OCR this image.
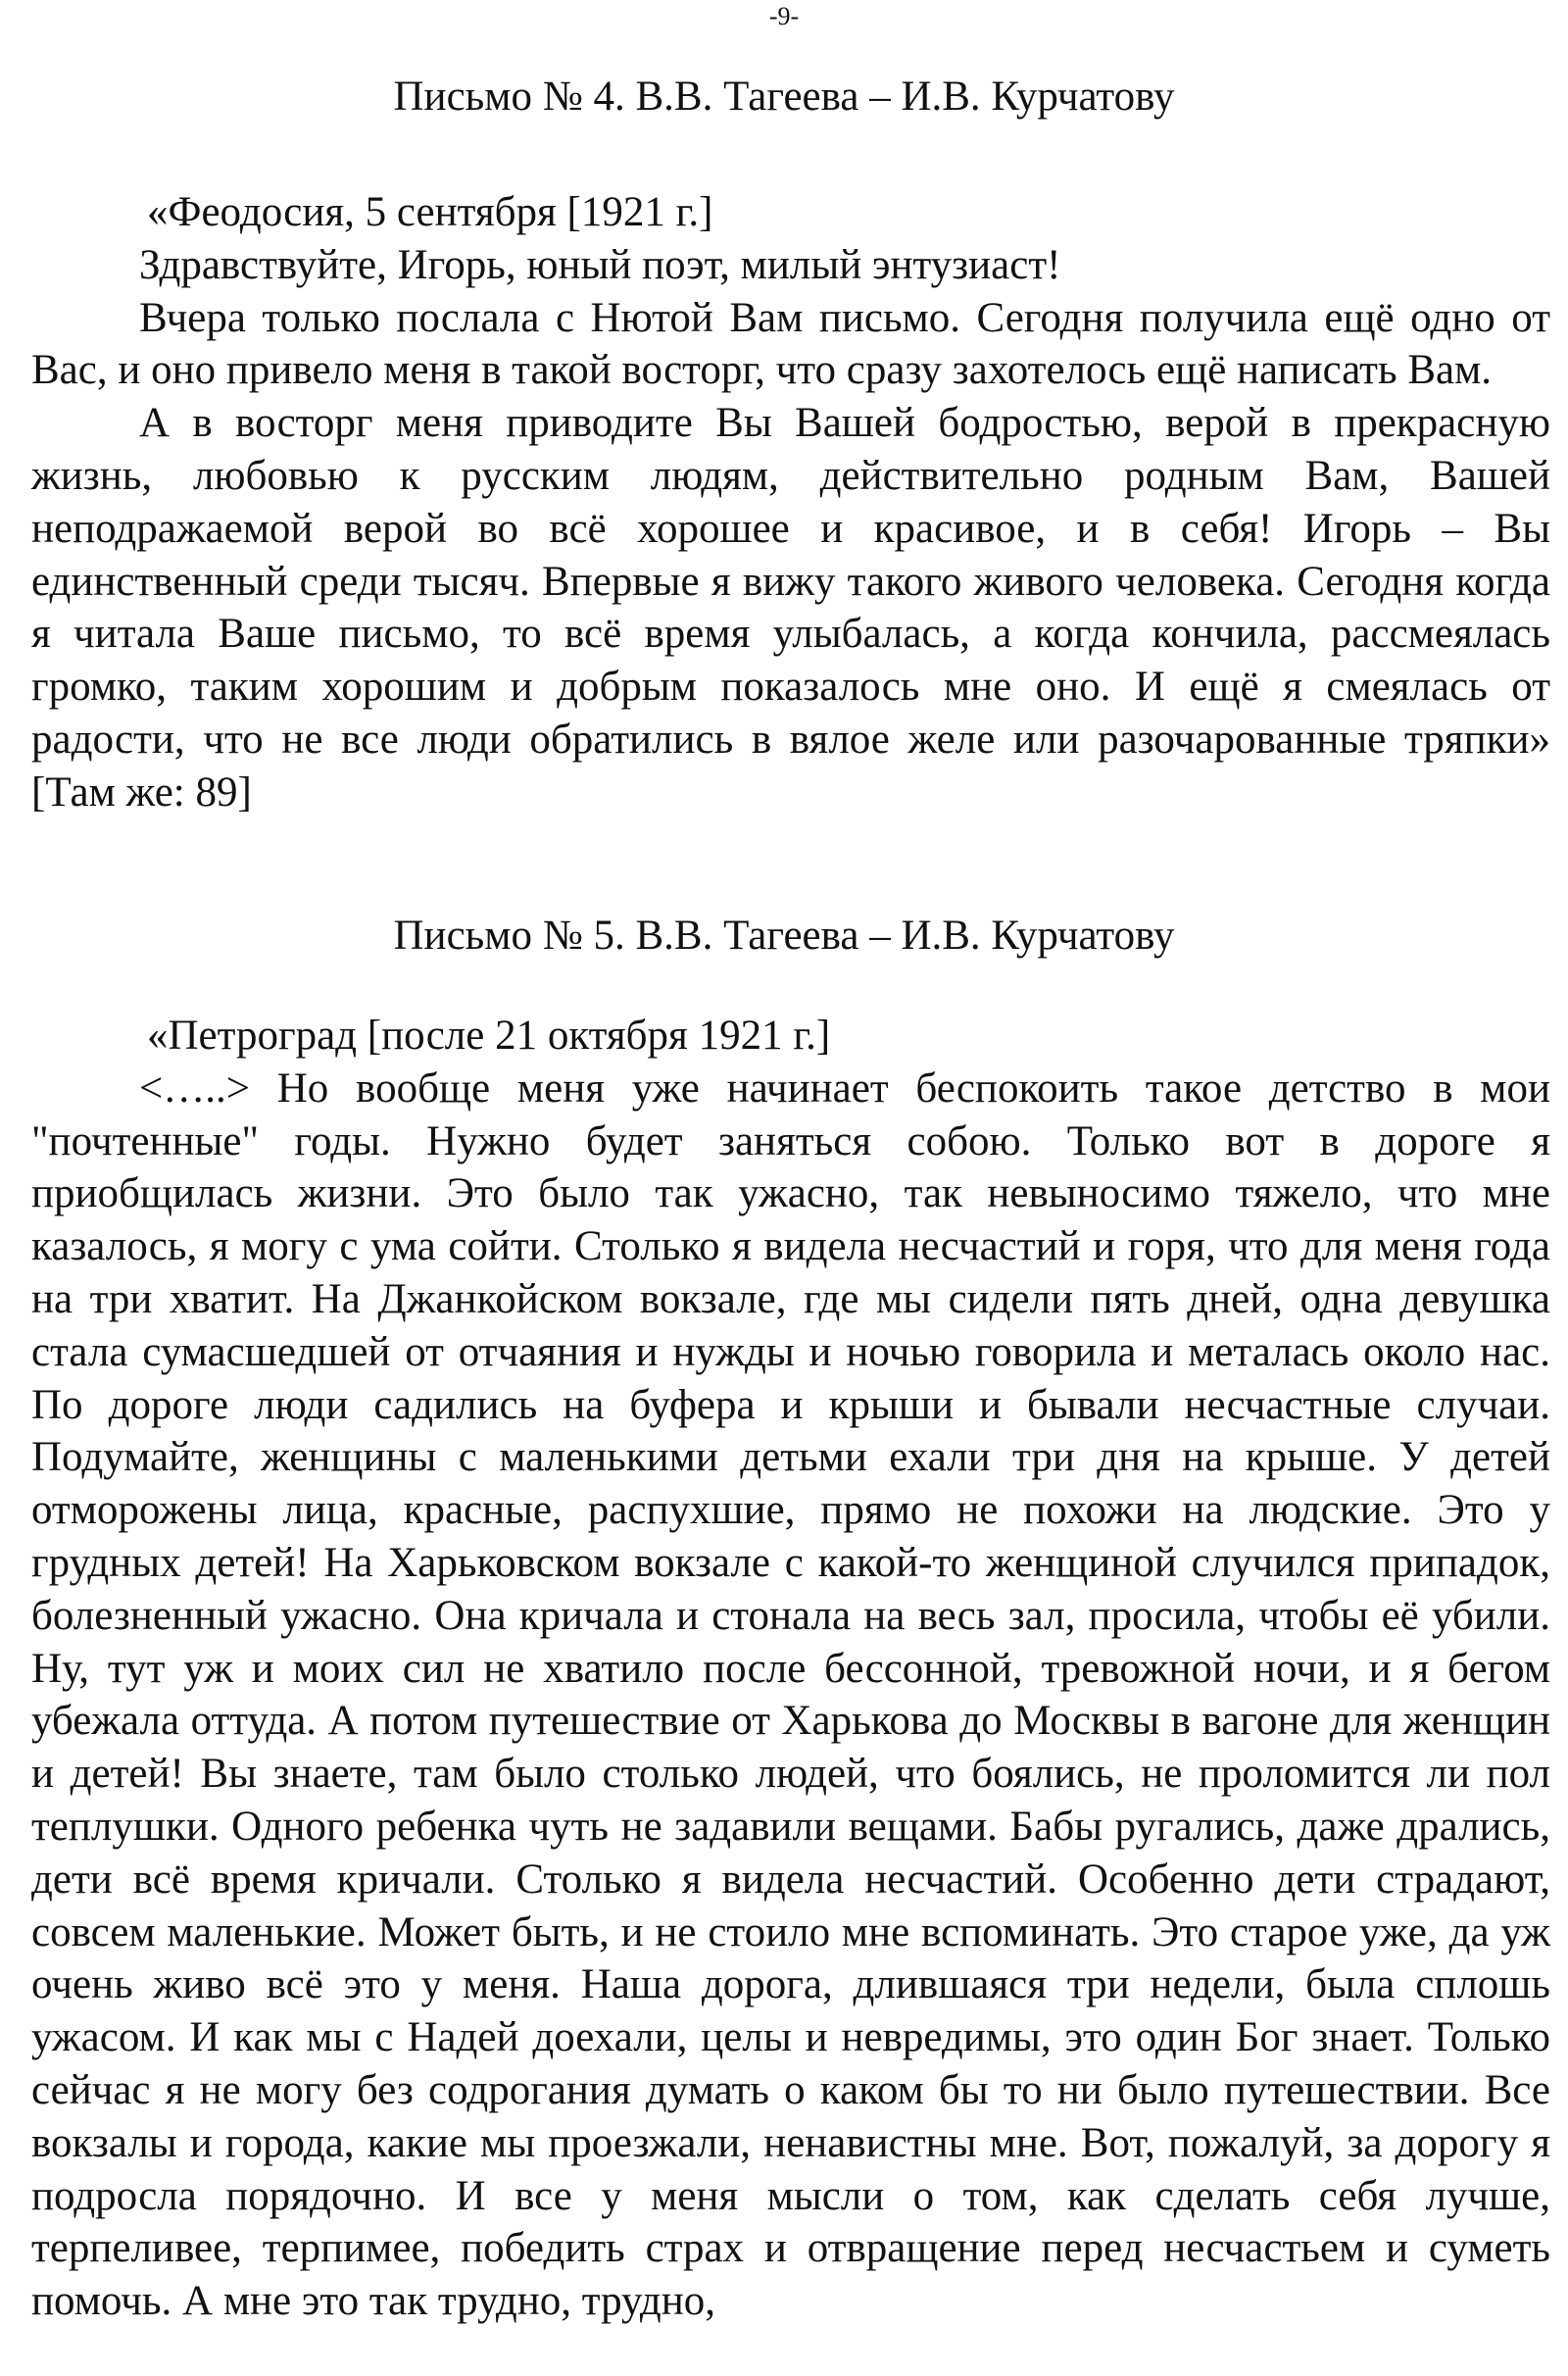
-9-
Письмо № 4. В.В. Тагеева – И.В. Курчатову

«Феодосия, 5 сентября [1921 г.]

Здравствуйте, Игорь, юный поэт, милый энтузиаст!

Вчера только послала с Нютой Вам письмо. Сегодня получила ещё одно от Вас, и оно привело меня в такой восторг, что сразу захотелось ещё написать Вам.

А в восторг меня приводите Вы Вашей бодростью, верой в прекрасную жизнь, любовью к русским людям, действительно родным Вам, Вашей неподражаемой верой во всё хорошее и красивое, и в себя! Игорь – Вы единственный среди тысяч. Впервые я вижу такого живого человека. Сегодня когда я читала Ваше письмо, то всё время улыбалась, а когда кончила, рассмеялась громко, таким хорошим и добрым показалось мне оно. И ещё я смеялась от радости, что не все люди обратились в вялое желе или разочарованные тряпки» [Там же: 89]

Письмо № 5. В.В. Тагеева – И.В. Курчатову

«Петроград [после 21 октября 1921 г.]

<…..> Но вообще меня уже начинает беспокоить такое детство в мои "почтенные" годы. Нужно будет заняться собою. Только вот в дороге я приобщилась жизни. Это было так ужасно, так невыносимо тяжело, что мне казалось, я могу с ума сойти. Столько я видела несчастий и горя, что для меня года на три хватит. На Джанкойском вокзале, где мы сидели пять дней, одна девушка стала сумасшедшей от отчаяния и нужды и ночью говорила и металась около нас. По дороге люди садились на буфера и крыши и бывали несчастные случаи. Подумайте, женщины с маленькими детьми ехали три дня на крыше. У детей отморожены лица, красные, распухшие, прямо не похожи на людские. Это у грудных детей! На Харьковском вокзале с какой-то женщиной случился припадок, болезненный ужасно. Она кричала и стонала на весь зал, просила, чтобы её убили. Ну, тут уж и моих сил не хватило после бессонной, тревожной ночи, и я бегом убежала оттуда. А потом путешествие от Харькова до Москвы в вагоне для женщин и детей! Вы знаете, там было столько людей, что боялись, не проломится ли пол теплушки. Одного ребенка чуть не задавили вещами. Бабы ругались, даже дрались, дети всё время кричали. Столько я видела несчастий. Особенно дети страдают, совсем маленькие. Может быть, и не стоило мне вспоминать. Это старое уже, да уж очень живо всё это у меня. Наша дорога, длившаяся три недели, была сплошь ужасом. И как мы с Надей доехали, целы и невредимы, это один Бог знает. Только сейчас я не могу без содрогания думать о каком бы то ни было путешествии. Все вокзалы и города, какие мы проезжали, ненавистны мне. Вот, пожалуй, за дорогу я подросла порядочно. И все у меня мысли о том, как сделать себя лучше, терпеливее, терпимее, победить страх и отвращение перед несчастьем и суметь помочь. А мне это так трудно, трудно,
